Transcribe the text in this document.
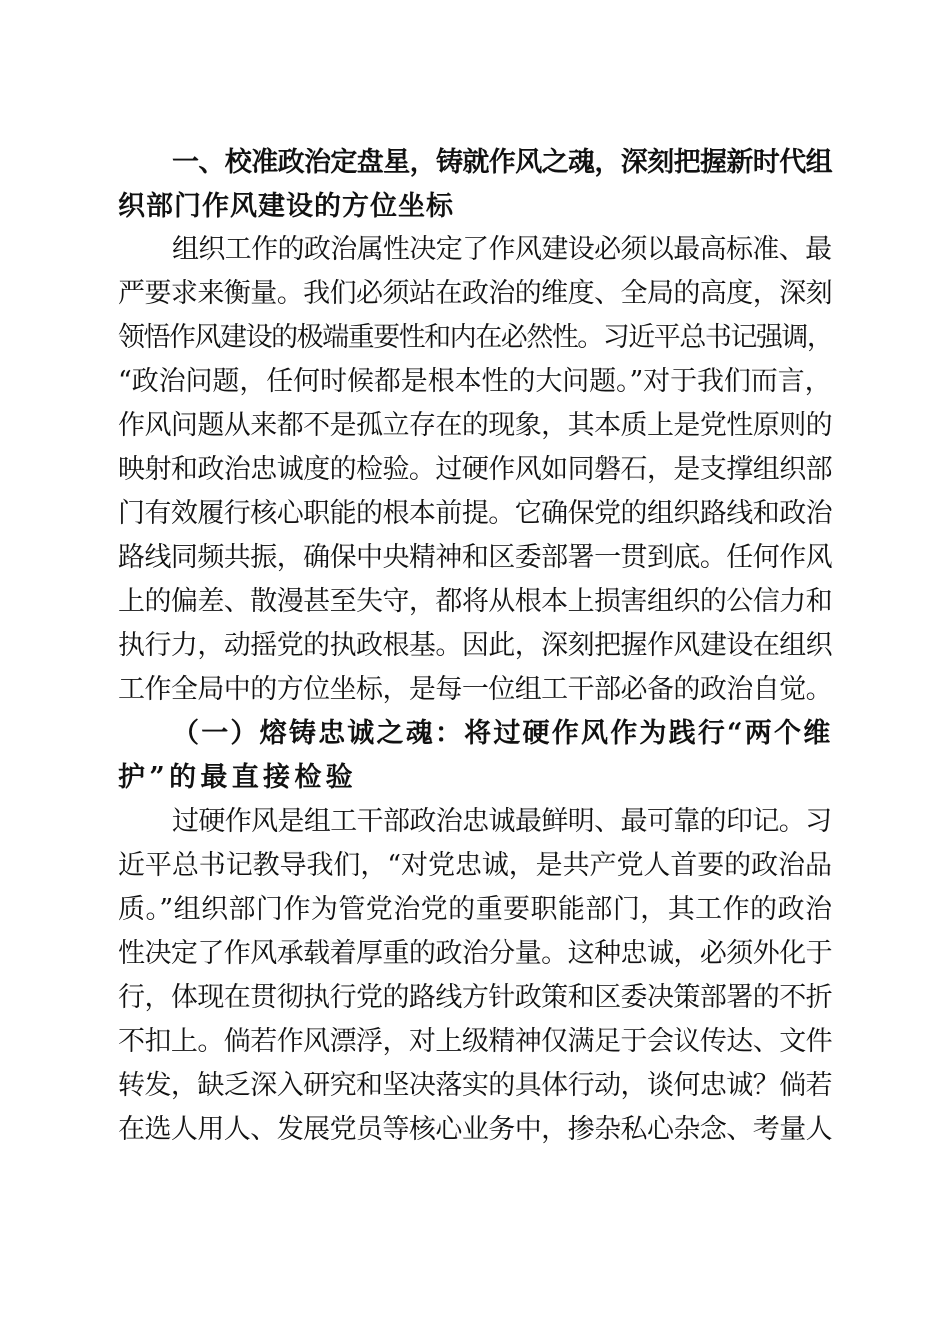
一、校准政治定盘星，铸就作风之魂，深刻把握新时代组
织部门作风建设的方位坐标
组织工作的政治属性决定了作风建设必须以最高标准、最
严要求来衡量。我们必须站在政治的维度、全局的高度，深刻
领悟作风建设的极端重要性和内在必然性。习近平总书记强调，
“政治问题，任何时候都是根本性的大问题。”对于我们而言，
作风问题从来都不是孤立存在的现象，其本质上是党性原则的
映射和政治忠诚度的检验。过硬作风如同磐石，是支撑组织部
门有效履行核心职能的根本前提。它确保党的组织路线和政治
路线同频共振，确保中央精神和区委部署一贯到底。任何作风
上的偏差、散漫甚至失守，都将从根本上损害组织的公信力和
执行力，动摇党的执政根基。因此，深刻把握作风建设在组织
工作全局中的方位坐标，是每一位组工干部必备的政治自觉。
（一）熔铸忠诚之魂：将过硬作风作为践行“两个维
护”的最直接检验
过硬作风是组工干部政治忠诚最鲜明、最可靠的印记。习
近平总书记教导我们，“对党忠诚，是共产党人首要的政治品
质。”组织部门作为管党治党的重要职能部门，其工作的政治
性决定了作风承载着厚重的政治分量。这种忠诚，必须外化于
行，体现在贯彻执行党的路线方针政策和区委决策部署的不折
不扣上。倘若作风漂浮，对上级精神仅满足于会议传达、文件
转发，缺乏深入研究和坚决落实的具体行动，谈何忠诚？倘若
在选人用人、发展党员等核心业务中，掺杂私心杂念、考量人
